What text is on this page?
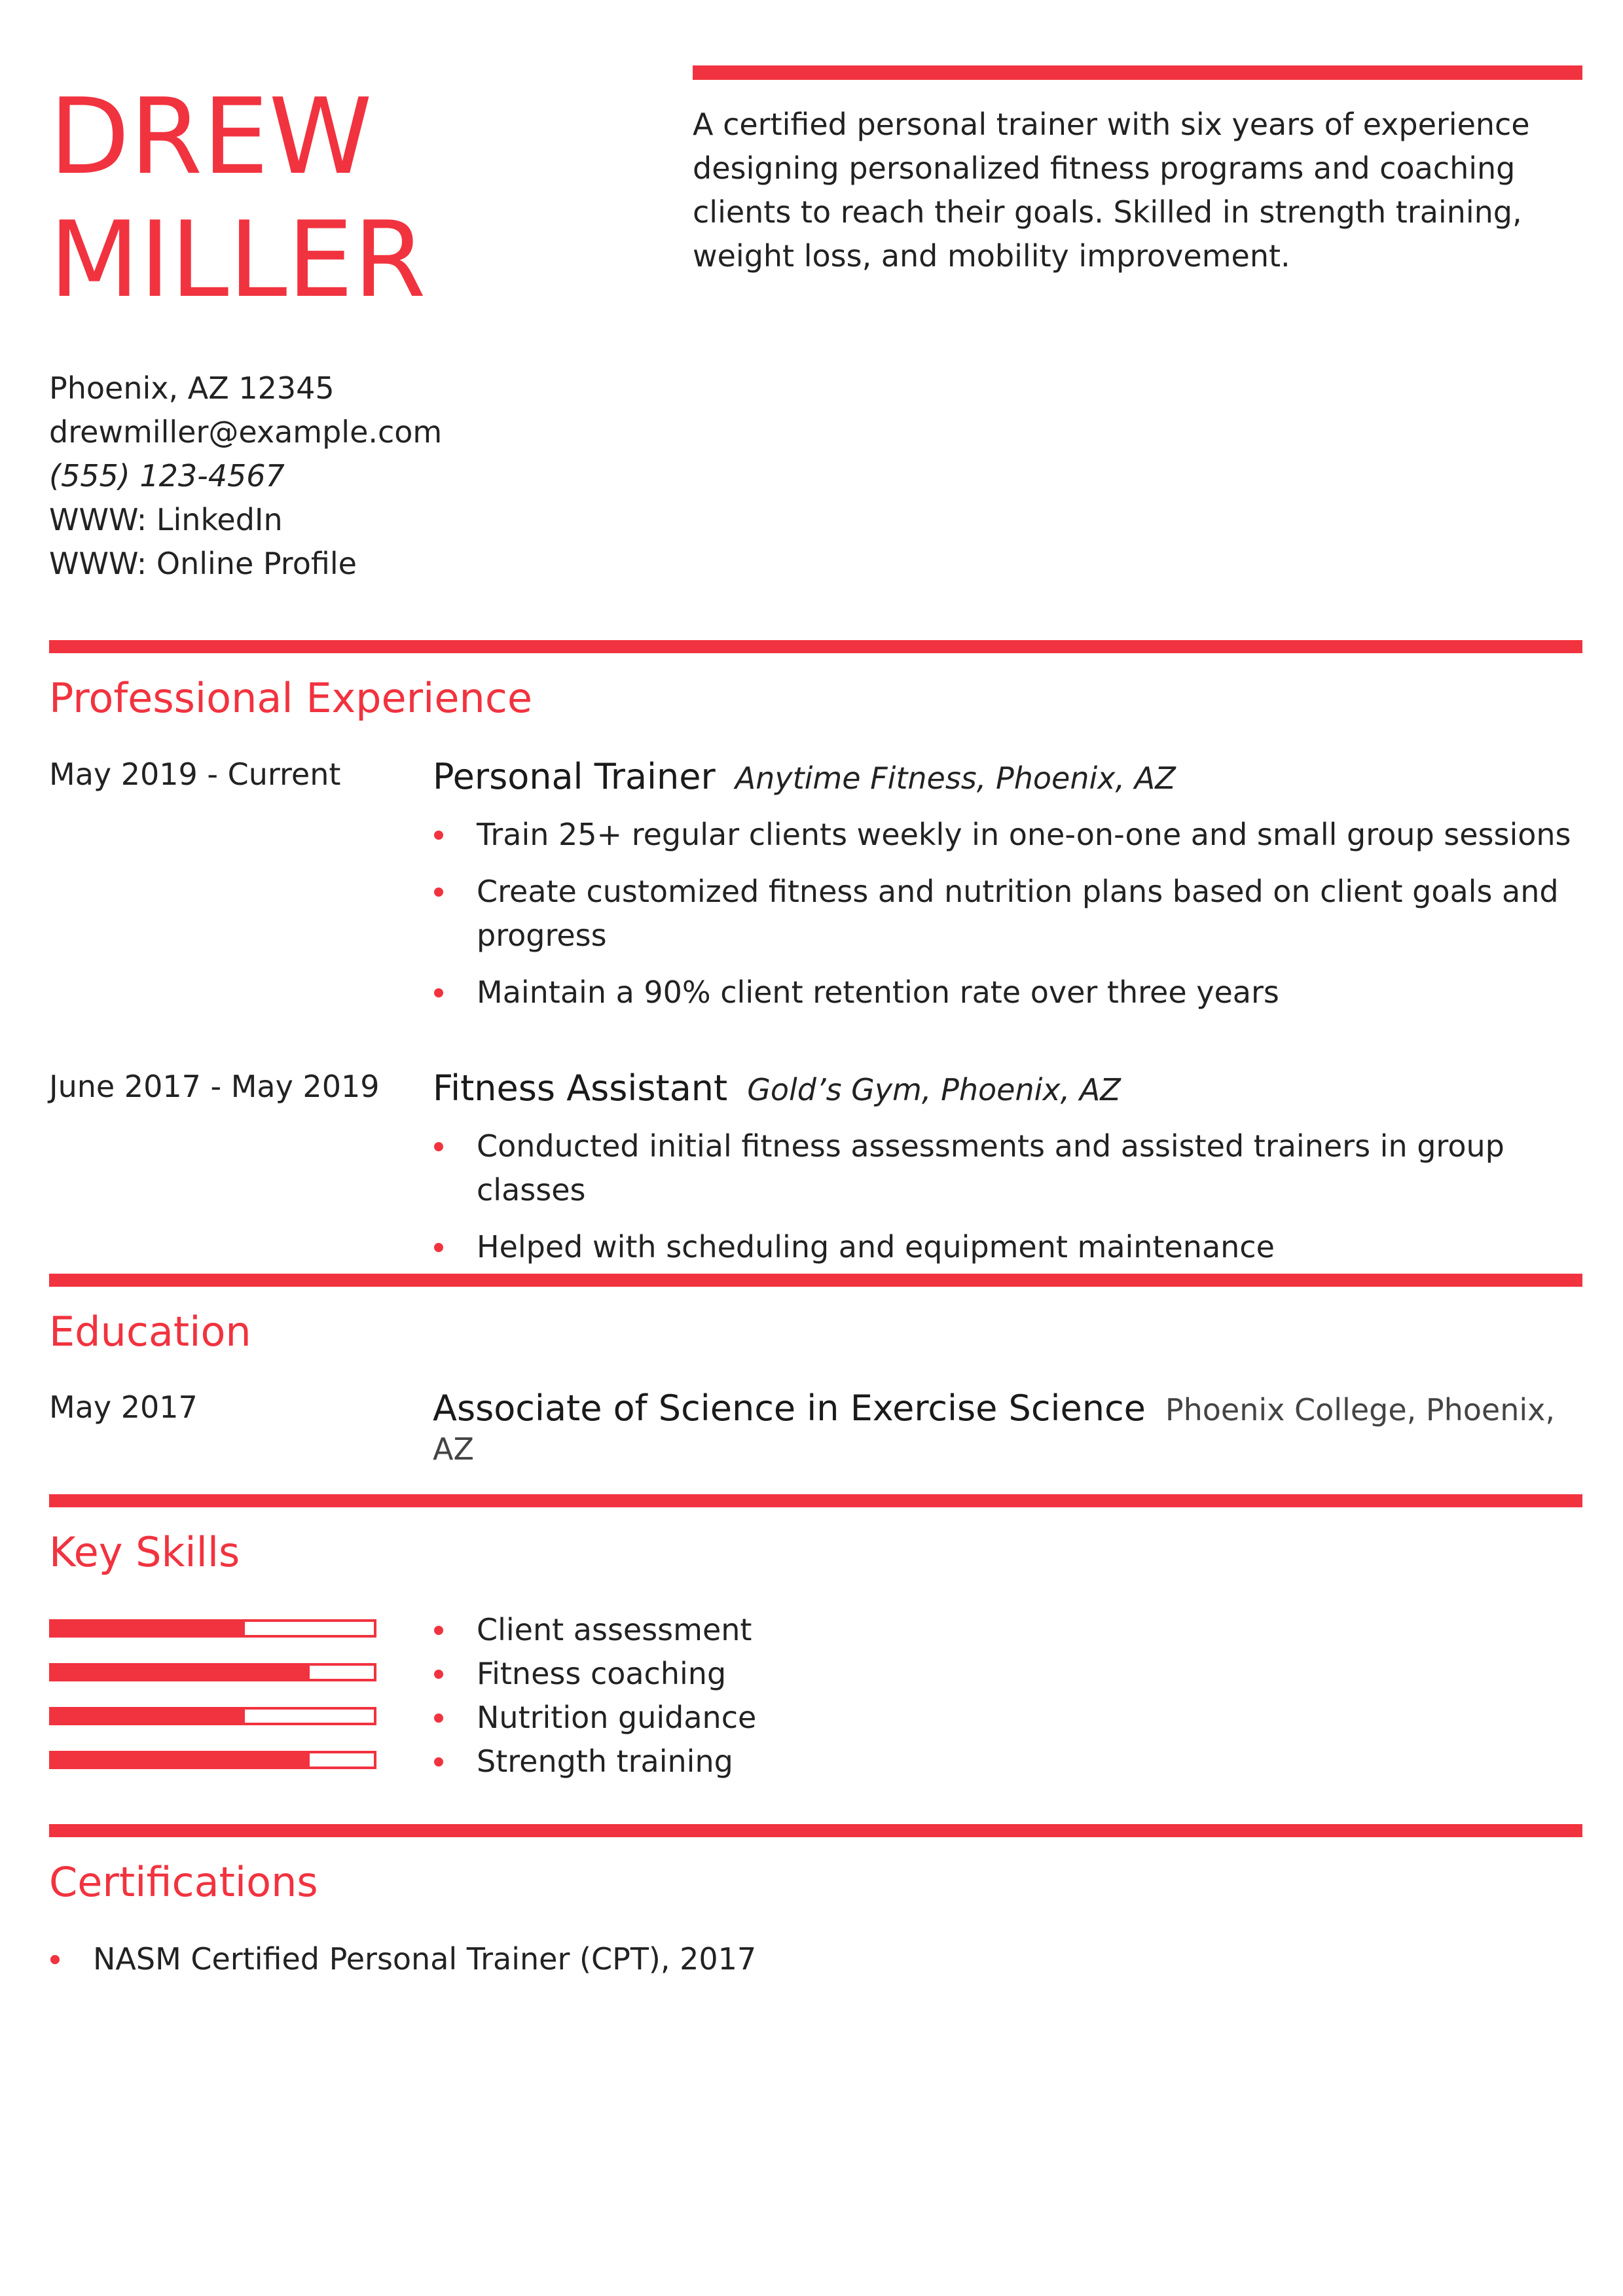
DREW
MILLER
A certified personal trainer with six years of experience designing personalized fitness programs and coaching clients to reach their goals. Skilled in strength training, weight loss, and mobility improvement.
Phoenix, AZ 12345
drewmiller@example.com
(555) 123-4567
WWW: LinkedIn
WWW: Online Profile
Professional Experience
May 2019 - Current	Personal Trainer Anytime Fitness, Phoenix, AZ
Train 25+ regular clients weekly in one-on-one and small group sessions
Create customized fitness and nutrition plans based on client goals and progress
Maintain a 90% client retention rate over three years
June 2017 - May 2019 Fitness Assistant Gold’s Gym, Phoenix, AZ
Conducted initial fitness assessments and assisted trainers in group classes
Helped with scheduling and equipment maintenance
Education
May 2017	Associate of Science in Exercise Science Phoenix College, Phoenix, AZ
Key Skills
Client assessment
Fitness coaching
Nutrition guidance
Strength training
Certifications
NASM Certified Personal Trainer (CPT), 2017
